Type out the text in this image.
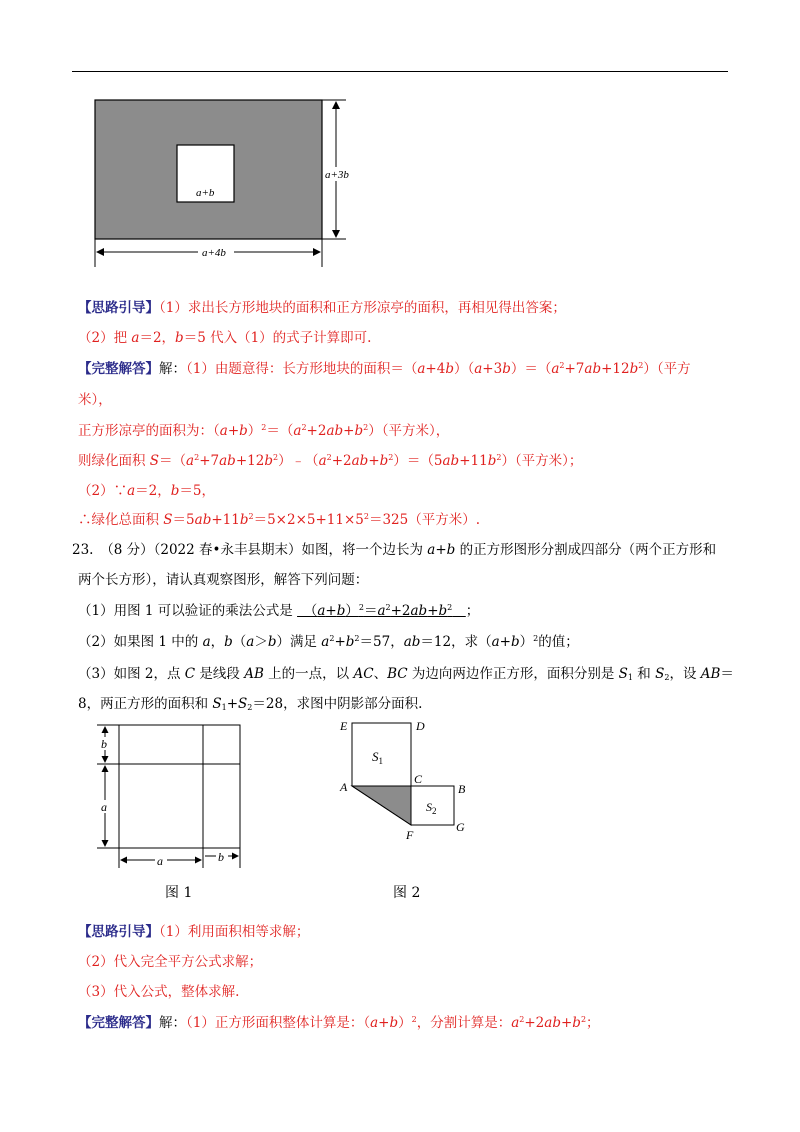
a+b
a+3b
a+4b
【思路引导】（1）求出长方形地块的面积和正方形凉亭的面积，再相见得出答案；
（2）把 a＝2，b＝5 代入（1）的式子计算即可.
【完整解答】解：（1）由题意得：长方形地块的面积$=(a+4b)(a+3b)=(a^2+7ab+12b^2)$（平方
米），
正方形凉亭的面积为：$(a+b)^2=(a^2+2ab+b^2)$（平方米），
则绿化面积 $S=(a^2+7ab+12b^2)﹣(a^2+2ab+b^2)=(5ab+11b^2)$（平方米）；
（2）∵a＝2，b＝5，
∴绿化总面积 $S=5ab+11b^2=5\times 2\times 5+11\times 5^2=325$（平方米）.
23.　（8 分）（2022 春•永丰县期末）如图，将一个边长为 a+b 的正方形图形分割成四部分（两个正方形和
两个长方形），请认真观察图形，解答下列问题：
（1）用图 1 可以验证的乘法公式是 　$(a+b)^2=a^2+2ab+b^2$　 ；
（2）如果图 1 中的 a，b（a＞b）满足 $a^2+b^2=57$，ab＝12，求$(a+b)^2$的值；
（3）如图 2，点 C 是线段 AB 上的一点，以 AC、BC 为边向两边作正方形，面积分别是 $S_1$ 和 $S_2$，设 AB＝
8，两正方形的面积和 $S_1+S_2=28$，求图中阴影部分面积.
b
a
a	b
图 1
E	D
$S_1$
C
A	B
$S_2$
F
G
图 2
【思路引导】（1）利用面积相等求解；
（2）代入完全平方公式求解；
（3）代入公式，整体求解.
【完整解答】解：（1）正方形面积整体计算是：$(a+b)^2$，分割计算是：$a^2+2ab+b^2$；
